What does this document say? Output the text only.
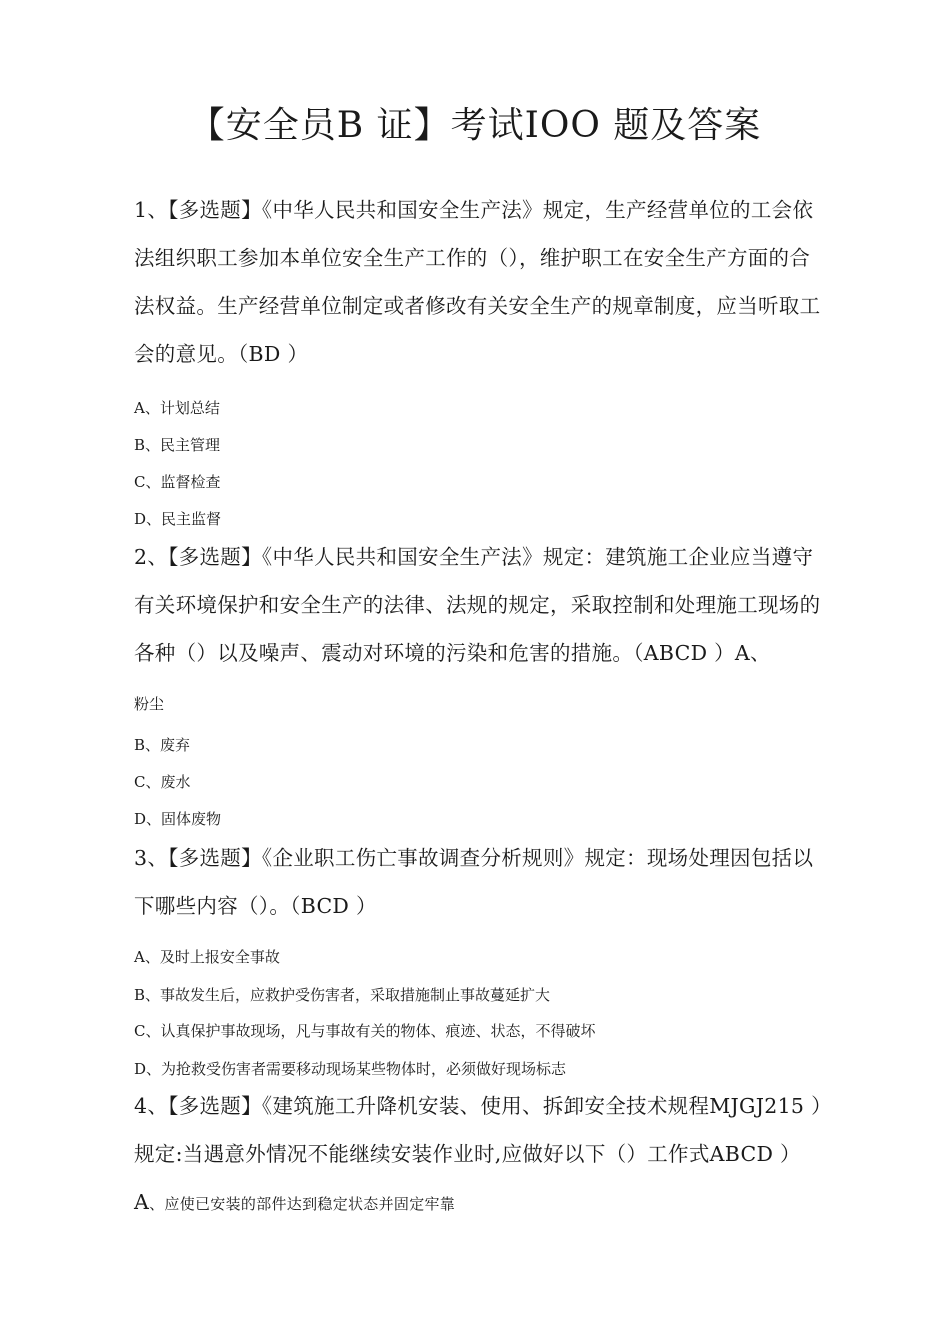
【安全员B 证】考试IOO 题及答案

1、【多选题】《中华人民共和国安全生产法》规定，生产经营单位的工会依法组织职工参加本单位安全生产工作的（），维护职工在安全生产方面的合法权益。生产经营单位制定或者修改有关安全生产的规章制度，应当听取工会的意见。（BD ）

A、计划总结

B、民主管理

C、监督检查

D、民主监督

2、【多选题】《中华人民共和国安全生产法》规定：建筑施工企业应当遵守有关环境保护和安全生产的法律、法规的规定，采取控制和处理施工现场的各种（）以及噪声、震动对环境的污染和危害的措施。（ABCD ）A、

粉尘

B、废弃

C、废水

D、固体废物

3、【多选题】《企业职工伤亡事故调查分析规则》规定：现场处理因包括以下哪些内容（）。（BCD ）

A、及时上报安全事故

B、事故发生后，应救护受伤害者，采取措施制止事故蔓延扩大

C、认真保护事故现场，凡与事故有关的物体、痕迹、状态，不得破坏

D、为抢救受伤害者需要移动现场某些物体时，必须做好现场标志

4、【多选题】《建筑施工升降机安装、使用、拆卸安全技术规程MJGJ215 ）规定:当遇意外情况不能继续安装作业时,应做好以下（）工作式ABCD ）A、应使已安装的部件达到稳定状态并固定牢靠
